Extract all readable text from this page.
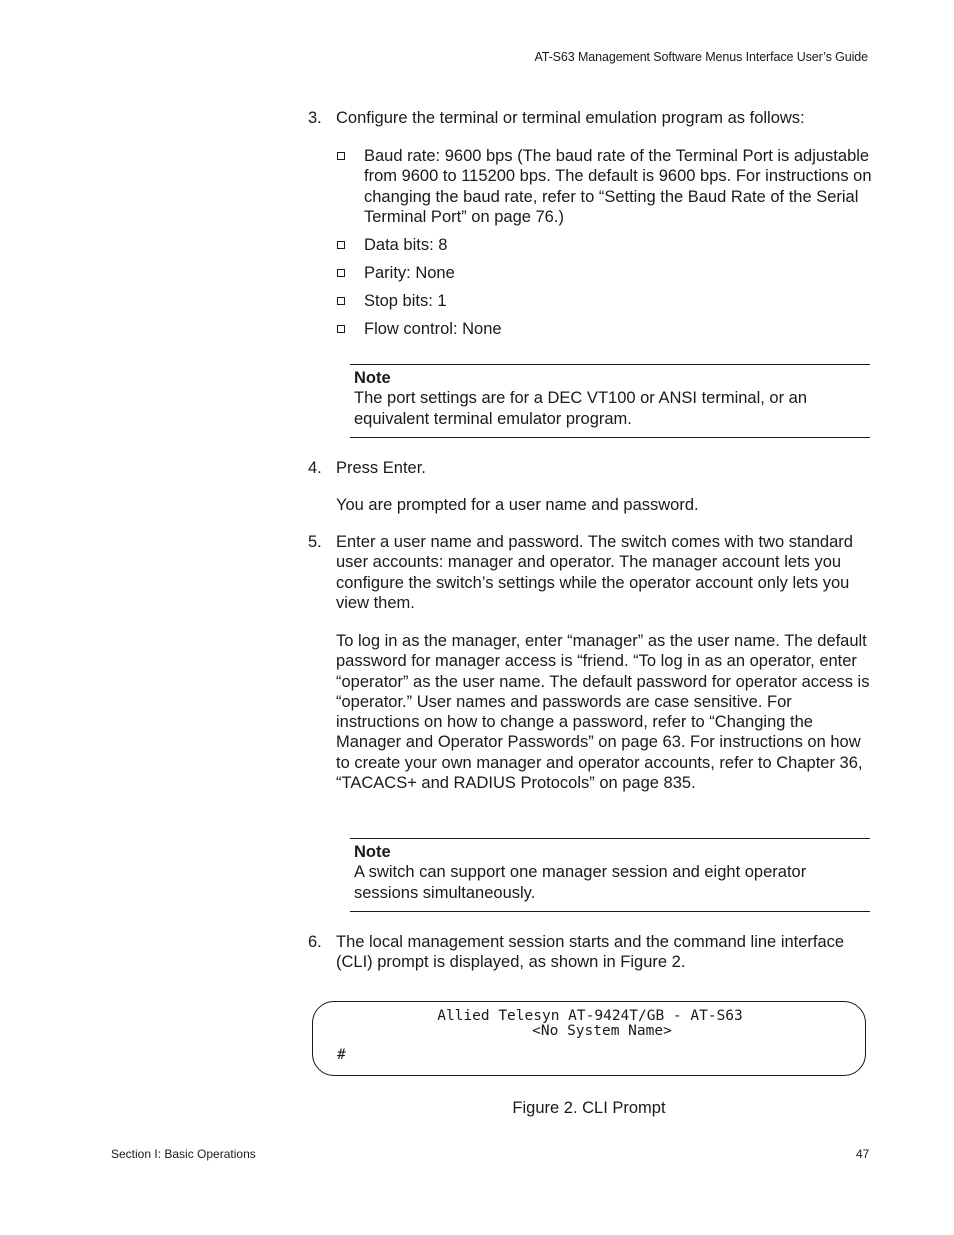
AT-S63 Management Software Menus Interface User’s Guide
3. Configure the terminal or terminal emulation program as follows:
Baud rate: 9600 bps (The baud rate of the Terminal Port is adjustable from 9600 to 115200 bps. The default is 9600 bps. For instructions on changing the baud rate, refer to “Setting the Baud Rate of the Serial Terminal Port” on page 76.)
Data bits: 8
Parity: None
Stop bits: 1
Flow control: None
Note
The port settings are for a DEC VT100 or ANSI terminal, or an equivalent terminal emulator program.
4. Press Enter.
You are prompted for a user name and password.
5. Enter a user name and password. The switch comes with two standard user accounts: manager and operator. The manager account lets you configure the switch’s settings while the operator account only lets you view them.
To log in as the manager, enter “manager” as the user name. The default password for manager access is “friend. “To log in as an operator, enter “operator” as the user name. The default password for operator access is “operator.” User names and passwords are case sensitive. For instructions on how to change a password, refer to “Changing the Manager and Operator Passwords” on page 63. For instructions on how to create your own manager and operator accounts, refer to Chapter 36, “TACACS+ and RADIUS Protocols” on page 835.
Note
A switch can support one manager session and eight operator sessions simultaneously.
6. The local management session starts and the command line interface (CLI) prompt is displayed, as shown in Figure 2.
Allied Telesyn AT-9424T/GB - AT-S63
<No System Name>
#
Figure 2. CLI Prompt
Section I: Basic Operations	47
